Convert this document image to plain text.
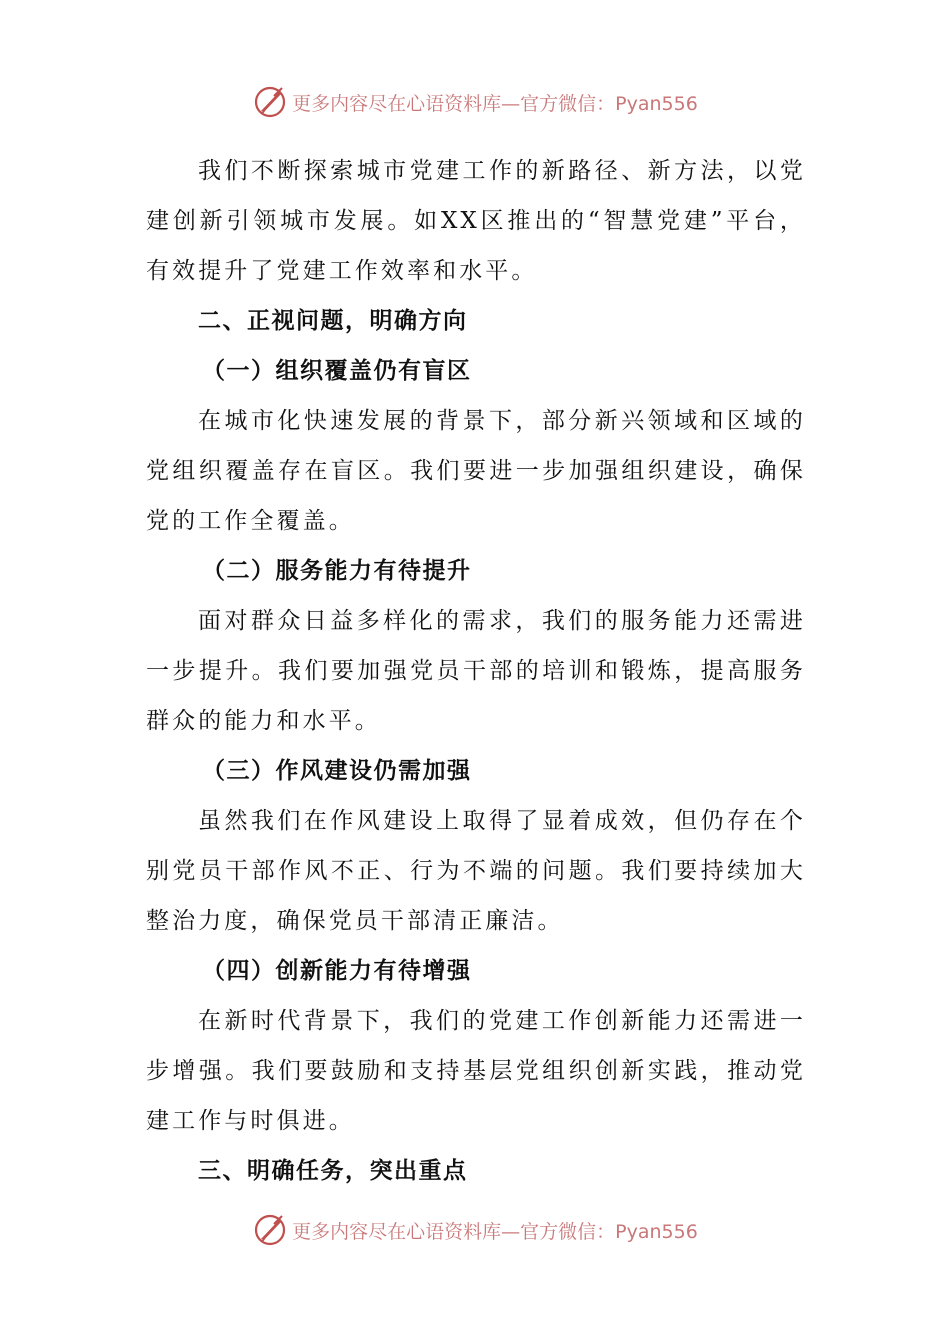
更多内容尽在心语资料库—官方微信：Pyan556

我们不断探索城市党建工作的新路径、新方法，以党建创新引领城市发展。如XX区推出的“智慧党建”平台，有效提升了党建工作效率和水平。

二、正视问题，明确方向

（一）组织覆盖仍有盲区

在城市化快速发展的背景下，部分新兴领域和区域的党组织覆盖存在盲区。我们要进一步加强组织建设，确保党的工作全覆盖。

（二）服务能力有待提升

面对群众日益多样化的需求，我们的服务能力还需进一步提升。我们要加强党员干部的培训和锻炼，提高服务群众的能力和水平。

（三）作风建设仍需加强

虽然我们在作风建设上取得了显着成效，但仍存在个别党员干部作风不正、行为不端的问题。我们要持续加大整治力度，确保党员干部清正廉洁。

（四）创新能力有待增强

在新时代背景下，我们的党建工作创新能力还需进一步增强。我们要鼓励和支持基层党组织创新实践，推动党建工作与时俱进。

三、明确任务，突出重点

更多内容尽在心语资料库—官方微信：Pyan556
